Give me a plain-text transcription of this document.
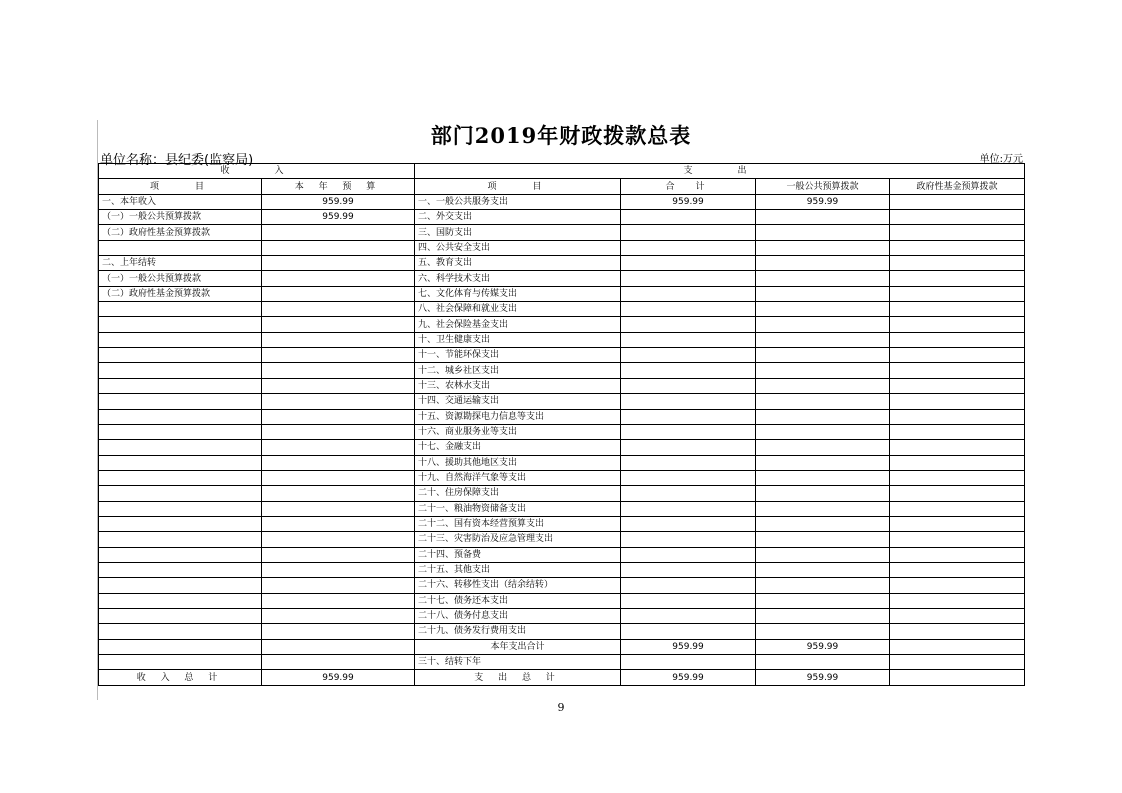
部门2019年财政拨款总表
单位名称：县纪委(监察局)	单位:万元
收　　入		支　　出			
项　　目	本 年 预 算	项　　目	合　计	一般公共预算拨款	政府性基金预算拨款
一、本年收入	959.99	一、一般公共服务支出	959.99	959.99	
（一）一般公共预算拨款	959.99	二、外交支出			
（二）政府性基金预算拨款		三、国防支出			
		四、公共安全支出			
二、上年结转		五、教育支出			
（一）一般公共预算拨款		六、科学技术支出			
（二）政府性基金预算拨款		七、文化体育与传媒支出			
		八、社会保障和就业支出			
		九、社会保险基金支出			
		十、卫生健康支出			
		十一、节能环保支出			
		十二、城乡社区支出			
		十三、农林水支出			
		十四、交通运输支出			
		十五、资源勘探电力信息等支出			
		十六、商业服务业等支出			
		十七、金融支出			
		十八、援助其他地区支出			
		十九、自然海洋气象等支出			
		二十、住房保障支出			
		二十一、粮油物资储备支出			
		二十二、国有资本经营预算支出			
		二十三、灾害防治及应急管理支出			
		二十四、预备费			
		二十五、其他支出			
		二十六、转移性支出（结余结转）			
		二十七、债务还本支出			
		二十八、债务付息支出			
		二十九、债务发行费用支出			
		本年支出合计	959.99	959.99	
		三十、结转下年			
收 入 总 计	959.99	支 出 总 计	959.99	959.99	
9
